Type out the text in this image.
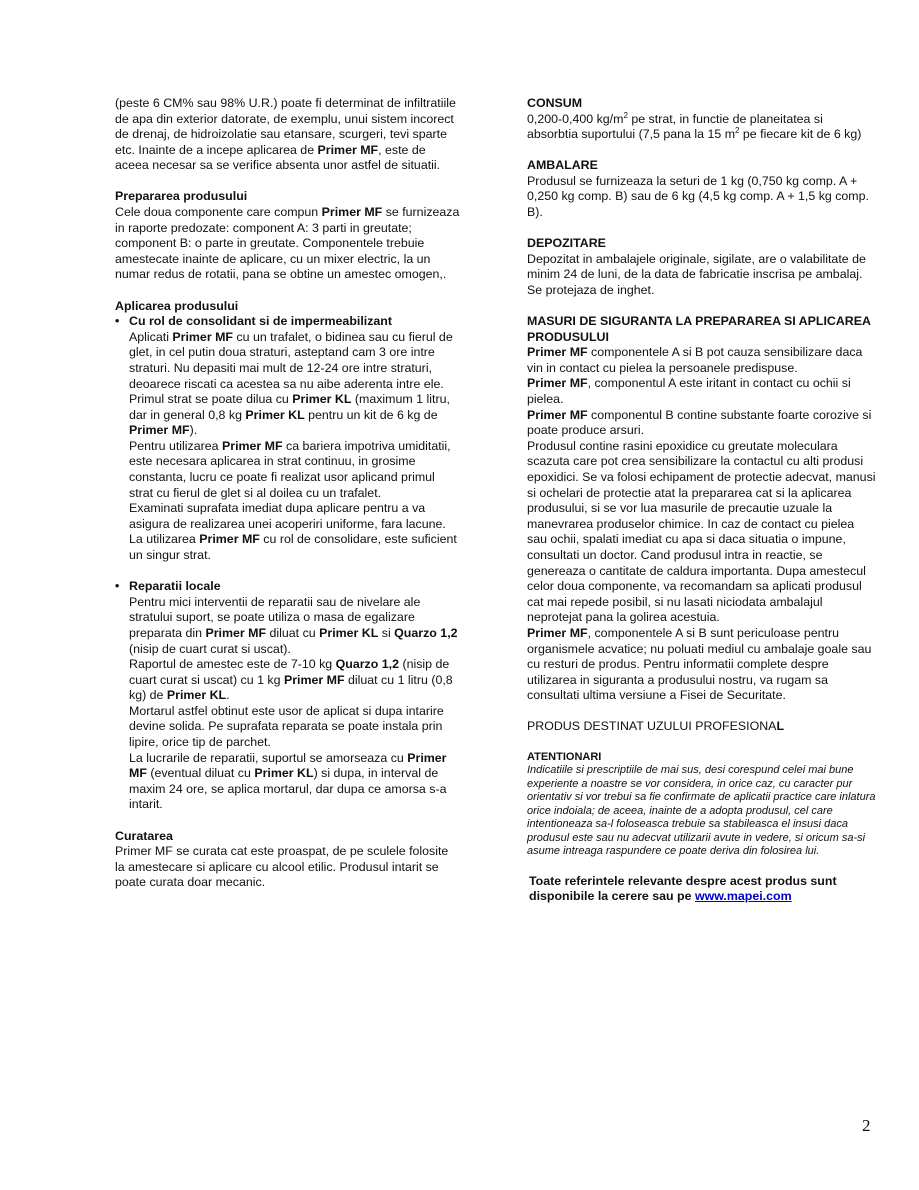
(peste 6 CM% sau 98% U.R.) poate fi determinat de infiltratiile de apa din exterior datorate, de exemplu, unui sistem incorect de drenaj, de hidroizolatie sau etansare, scurgeri, tevi sparte etc. Inainte de a incepe aplicarea de Primer MF, este de aceea necesar sa se verifice absenta unor astfel de situatii.

Prepararea produsului

Cele doua componente care compun Primer MF se furnizeaza in raporte predozate: component A: 3 parti in greutate; component B: o parte in greutate. Componentele trebuie amestecate inainte de aplicare, cu un mixer electric, la un numar redus de rotatii, pana se obtine un amestec omogen,.

Aplicarea produsului

• Cu rol de consolidant si de impermeabilizant

Aplicati Primer MF cu un trafalet, o bidinea sau cu fierul de glet, in cel putin doua straturi, asteptand cam 3 ore intre straturi. Nu depasiti mai mult de 12-24 ore intre straturi, deoarece riscati ca acestea sa nu aibe aderenta intre ele.

Primul strat se poate dilua cu Primer KL (maximum 1 litru, dar in general 0,8 kg Primer KL pentru un kit de 6 kg de Primer MF).

Pentru utilizarea Primer MF ca bariera impotriva umiditatii, este necesara aplicarea in strat continuu, in grosime constanta, lucru ce poate fi realizat usor aplicand primul strat cu fierul de glet si al doilea cu un trafalet.

Examinati suprafata imediat dupa aplicare pentru a va asigura de realizarea unei acoperiri uniforme, fara lacune. La utilizarea Primer MF cu rol de consolidare, este suficient un singur strat.

• Reparatii locale

Pentru mici interventii de reparatii sau de nivelare ale stratului suport, se poate utiliza o masa de egalizare preparata din Primer MF diluat cu Primer KL si Quarzo 1,2 (nisip de cuart curat si uscat).

Raportul de amestec este de 7-10 kg Quarzo 1,2 (nisip de cuart curat si uscat) cu 1 kg Primer MF diluat cu 1 litru (0,8 kg) de Primer KL.

Mortarul astfel obtinut este usor de aplicat si dupa intarire devine solida. Pe suprafata reparata se poate instala prin lipire, orice tip de parchet.

La lucrarile de reparatii, suportul se amorseaza cu Primer MF (eventual diluat cu Primer KL) si dupa, in interval de maxim 24 ore, se aplica mortarul, dar dupa ce amorsa s-a intarit.

Curatarea

Primer MF se curata cat este proaspat, de pe sculele folosite la amestecare si aplicare cu alcool etilic. Produsul intarit se poate curata doar mecanic.

CONSUM

0,200-0,400 $kg/m^2$ pe strat, in functie de planeitatea si absorbtia suportului (7,5 pana la 15 $m^2$ pe fiecare kit de 6 kg)

AMBALARE

Produsul se furnizeaza la seturi de 1 kg (0,750 kg comp. A + 0,250 kg comp. B) sau de 6 kg (4,5 kg comp. A + 1,5 kg comp. B).

DEPOZITARE

Depozitat in ambalajele originale, sigilate, are o valabilitate de minim 24 de luni, de la data de fabricatie inscrisa pe ambalaj. Se protejaza de inghet.

MASURI DE SIGURANTA LA PREPARAREA SI APLICAREA PRODUSULUI

Primer MF componentele A si B pot cauza sensibilizare daca vin in contact cu pielea la persoanele predispuse.

Primer MF, componentul A este iritant in contact cu ochii si pielea.

Primer MF componentul B contine substante foarte corozive si poate produce arsuri.

Produsul contine rasini epoxidice cu greutate moleculara scazuta care pot crea sensibilizare la contactul cu alti produsi epoxidici. Se va folosi echipament de protectie adecvat, manusi si ochelari de protectie atat la prepararea cat si la aplicarea produsului, si se vor lua masurile de precautie uzuale la manevrarea produselor chimice. In caz de contact cu pielea sau ochii, spalati imediat cu apa si daca situatia o impune, consultati un doctor. Cand produsul intra in reactie, se genereaza o cantitate de caldura importanta. Dupa amestecul celor doua componente, va recomandam sa aplicati produsul cat mai repede posibil, si nu lasati niciodata ambalajul neprotejat pana la golirea acestuia.

Primer MF, componentele A si B sunt periculoase pentru organismele acvatice; nu poluati mediul cu ambalaje goale sau cu resturi de produs. Pentru informatii complete despre utilizarea in siguranta a produsului nostru, va rugam sa consultati ultima versiune a Fisei de Securitate.

PRODUS DESTINAT UZULUI PROFESIONAL

ATENTIONARI

Indicatiile si prescriptiile de mai sus, desi corespund celei mai bune experiente a noastre se vor considera, in orice caz, cu caracter pur orientativ si vor trebui sa fie confirmate de aplicatii practice care inlatura orice indoiala; de aceea, inainte de a adopta produsul, cel care intentioneaza sa-l foloseasca trebuie sa stabileasca el insusi daca produsul este sau nu adecvat utilizarii avute in vedere, si oricum sa-si asume intreaga raspundere ce poate deriva din folosirea lui.

Toate referintele relevante despre acest produs sunt disponibile la cerere sau pe www.mapei.com

2
